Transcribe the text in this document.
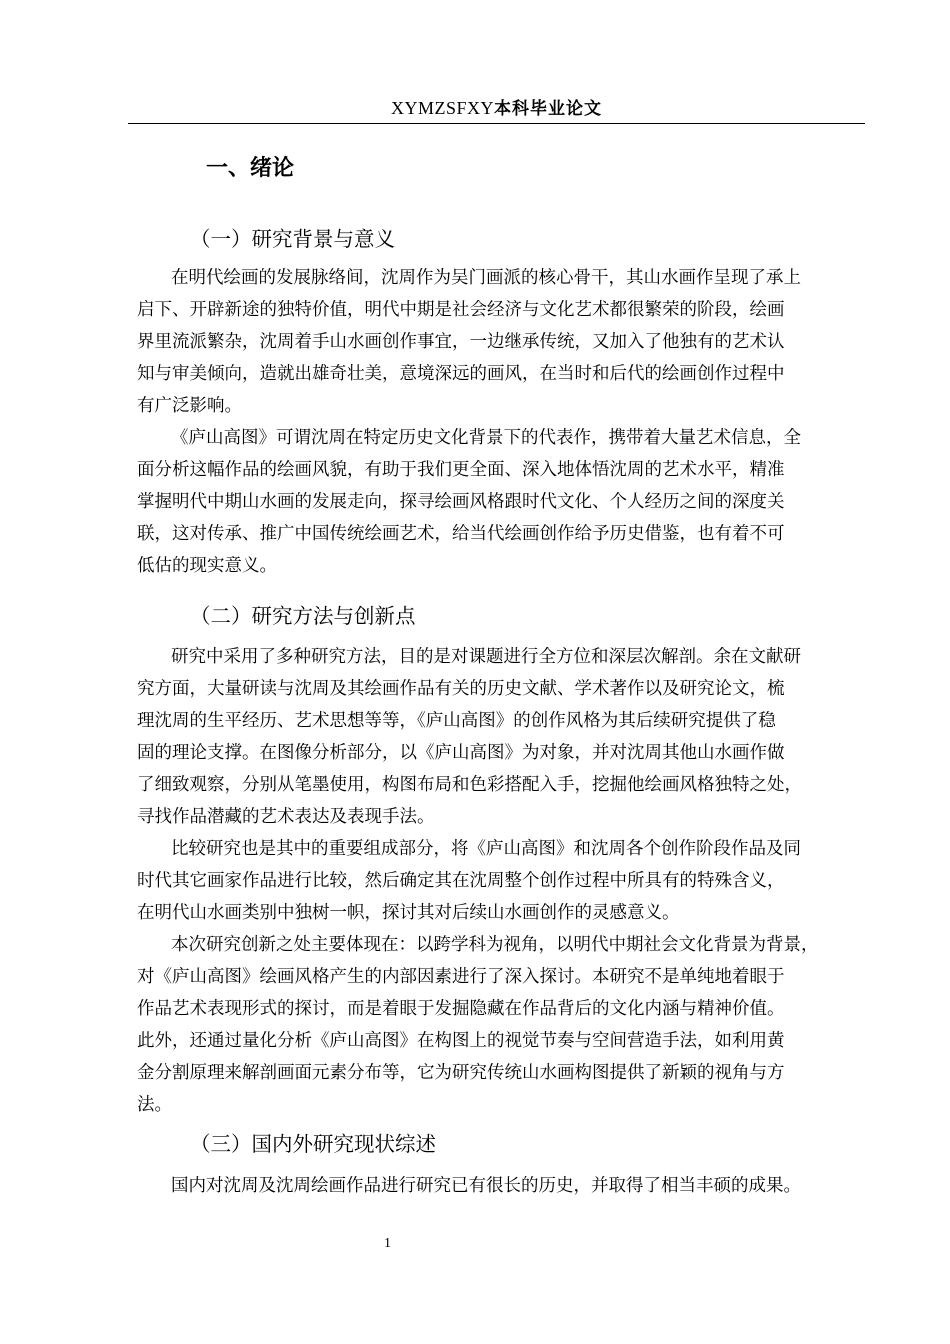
XYMZSFXY本科毕业论文
一、绪论
（一）研究背景与意义
在明代绘画的发展脉络间，沈周作为吴门画派的核心骨干，其山水画作呈现了承上
启下、开辟新途的独特价值，明代中期是社会经济与文化艺术都很繁荣的阶段，绘画
界里流派繁杂，沈周着手山水画创作事宜，一边继承传统，又加入了他独有的艺术认
知与审美倾向，造就出雄奇壮美，意境深远的画风，在当时和后代的绘画创作过程中
有广泛影响。
《庐山高图》可谓沈周在特定历史文化背景下的代表作，携带着大量艺术信息，全
面分析这幅作品的绘画风貌，有助于我们更全面、深入地体悟沈周的艺术水平，精准
掌握明代中期山水画的发展走向，探寻绘画风格跟时代文化、个人经历之间的深度关
联，这对传承、推广中国传统绘画艺术，给当代绘画创作给予历史借鉴，也有着不可
低估的现实意义。
（二）研究方法与创新点
研究中采用了多种研究方法，目的是对课题进行全方位和深层次解剖。余在文献研
究方面，大量研读与沈周及其绘画作品有关的历史文献、学术著作以及研究论文，梳
理沈周的生平经历、艺术思想等等，《庐山高图》的创作风格为其后续研究提供了稳
固的理论支撑。在图像分析部分，以《庐山高图》为对象，并对沈周其他山水画作做
了细致观察，分别从笔墨使用，构图布局和色彩搭配入手，挖掘他绘画风格独特之处，
寻找作品潜藏的艺术表达及表现手法。
比较研究也是其中的重要组成部分，将《庐山高图》和沈周各个创作阶段作品及同
时代其它画家作品进行比较，然后确定其在沈周整个创作过程中所具有的特殊含义，
在明代山水画类别中独树一帜，探讨其对后续山水画创作的灵感意义。
本次研究创新之处主要体现在：以跨学科为视角，以明代中期社会文化背景为背景，
对《庐山高图》绘画风格产生的内部因素进行了深入探讨。本研究不是单纯地着眼于
作品艺术表现形式的探讨，而是着眼于发掘隐藏在作品背后的文化内涵与精神价值。
此外，还通过量化分析《庐山高图》在构图上的视觉节奏与空间营造手法，如利用黄
金分割原理来解剖画面元素分布等，它为研究传统山水画构图提供了新颖的视角与方
法。
（三）国内外研究现状综述
国内对沈周及沈周绘画作品进行研究已有很长的历史，并取得了相当丰硕的成果。
1
